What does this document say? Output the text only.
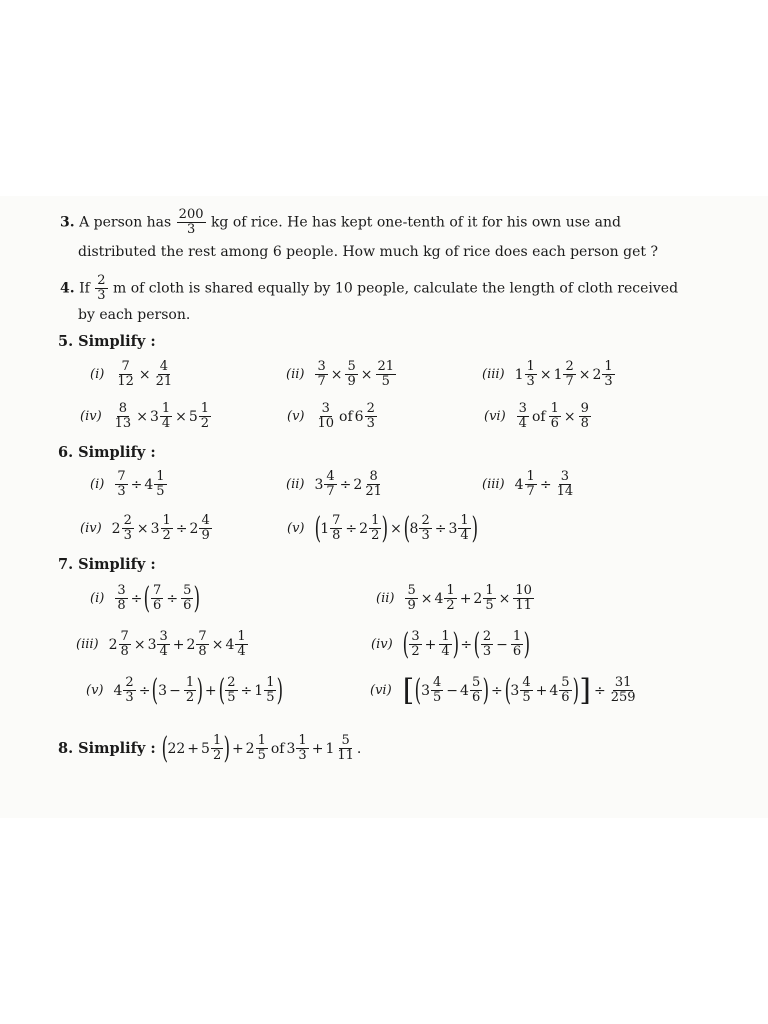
3. A person has $\frac{200}{3}$ kg of rice. He has kept one-tenth of it for his own use and
distributed the rest among 6 people. How much kg of rice does each person get ?
4. If $\frac{2}{3}$ m of cloth is shared equally by 10 people, calculate the length of cloth received
by each person.
5. Simplify :
$(i) \frac{7}{12} \times \frac{4}{21}$	$(ii) \frac{3}{7} \times \frac{5}{9} \times \frac{21}{5}$	(iii) $1 \frac{1}{3} \times 1 \frac{2}{7} \times 2 \frac{1}{3}$
$(iv) \frac{8}{13} \times 3 \frac{1}{4} \times 5 \frac{1}{2}$	$(v) \frac{3}{10}$ of $6 \frac{2}{3}$	$(vi) \frac{3}{4}$ of $\frac{1}{6} \times \frac{9}{8}$
6. Simplify :
$(i) \frac{7}{3} \div 4 \frac{1}{5}$	(ii) $3 \frac{4}{7} \div 2 \frac{8}{21}$	(iii) $4 \frac{1}{7} \div \frac{3}{14}$
(iv) $2 \frac{2}{3} \times 3 \frac{1}{2} \div 2 \frac{4}{9}$	(v) ( $1 \frac{7}{8} \div 2 \frac{1}{2}$ ) × ( $8 \frac{2}{3} \div 3 \frac{1}{4}$ )
7. Simplify :
$(i) \frac{3}{8}$ ÷ ( $\frac{7}{6} \div \frac{5}{6}$ )	$(ii) \frac{5}{9} \times 4 \frac{1}{2} + 2 \frac{1}{5} \times \frac{10}{11}$
(iii) $2 \frac{7}{8} \times 3 \frac{3}{4} + 2 \frac{7}{8} \times 4 \frac{1}{4}$	(iv) ( $\frac{3}{2} + \frac{1}{4}$ ) ÷ ( $\frac{2}{3} - \frac{1}{6}$ )
(v) $4 \frac{2}{3}$ ÷ ( $3 - \frac{1}{2}$ ) + ( $\frac{2}{5} \div 1 \frac{1}{5}$ )	(vi) [ ( $3 \frac{4}{5} - 4 \frac{5}{6}$ ) ÷ ( $3 \frac{4}{5} + 4 \frac{5}{6}$ ) ] ÷ $\frac{31}{259}$
8. Simplify : ( $22 + 5 \frac{1}{2}$ ) + $2 \frac{1}{5}$ of $3 \frac{1}{3} + 1 \frac{5}{11}$ .
